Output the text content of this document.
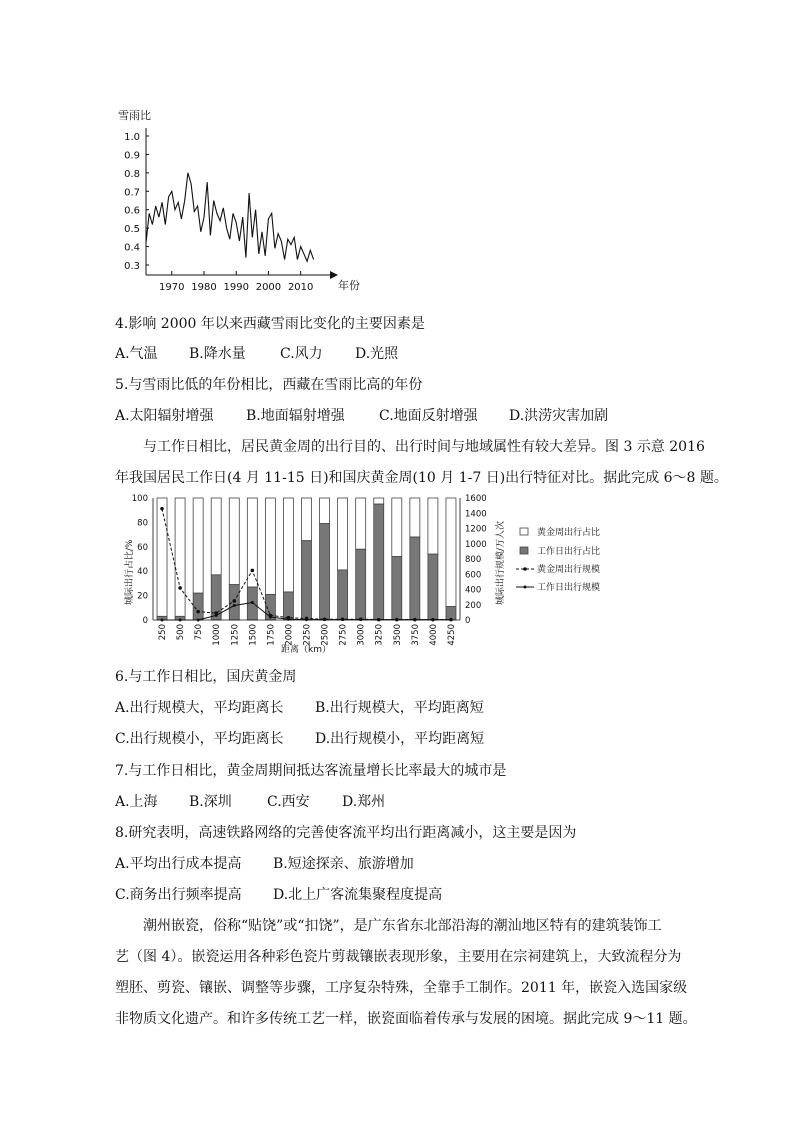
雪雨比
1.0
0.9
0.8
0.7
0.6
0.5
0.4
0.3
1970 1980 1990 2000 2010 年份
4.影响 2000 年以来西藏雪雨比变化的主要因素是
A.气温 B.降水量 C.风力 D.光照
5.与雪雨比低的年份相比，西藏在雪雨比高的年份
A.太阳辐射增强 B.地面辐射增强 C.地面反射增强 D.洪涝灾害加剧
与工作日相比，居民黄金周的出行目的、出行时间与地域属性有较大差异。图 3 示意 2016
年我国居民工作日(4 月 11-15 日)和国庆黄金周(10 月 1-7 日)出行特征对比。据此完成 6～8 题。
城际出行占比/%	城际出行规模/万人次
100
80
60
40
20
0
1600
1400
1200
1000
800
600
400
200
0
250 500 750 1000 1250 1500 1750 2000 2250 2500 2750 3000 3250 3500 3750 4000 4250
距离（km）
黄金周出行占比
工作日出行占比
黄金周出行规模
工作日出行规模
6.与工作日相比，国庆黄金周
A.出行规模大，平均距离长 B.出行规模大，平均距离短
C.出行规模小，平均距离长 D.出行规模小，平均距离短
7.与工作日相比，黄金周期间抵达客流量增长比率最大的城市是
A.上海 B.深圳	C.西安 D.郑州
8.研究表明，高速铁路网络的完善使客流平均出行距离减小，这主要是因为
A.平均出行成本提高 B.短途探亲、旅游增加
C.商务出行频率提高 D.北上广客流集聚程度提高
潮州嵌瓷，俗称“贴饶”或“扣饶”，是广东省东北部沿海的潮汕地区特有的建筑装饰工
艺（图 4）。嵌瓷运用各种彩色瓷片剪裁镶嵌表现形象，主要用在宗祠建筑上，大致流程分为
塑胚、剪瓷、镶嵌、调整等步骤，工序复杂特殊，全靠手工制作。2011 年，嵌瓷入选国家级
非物质文化遗产。和许多传统工艺一样，嵌瓷面临着传承与发展的困境。据此完成 9～11 题。
